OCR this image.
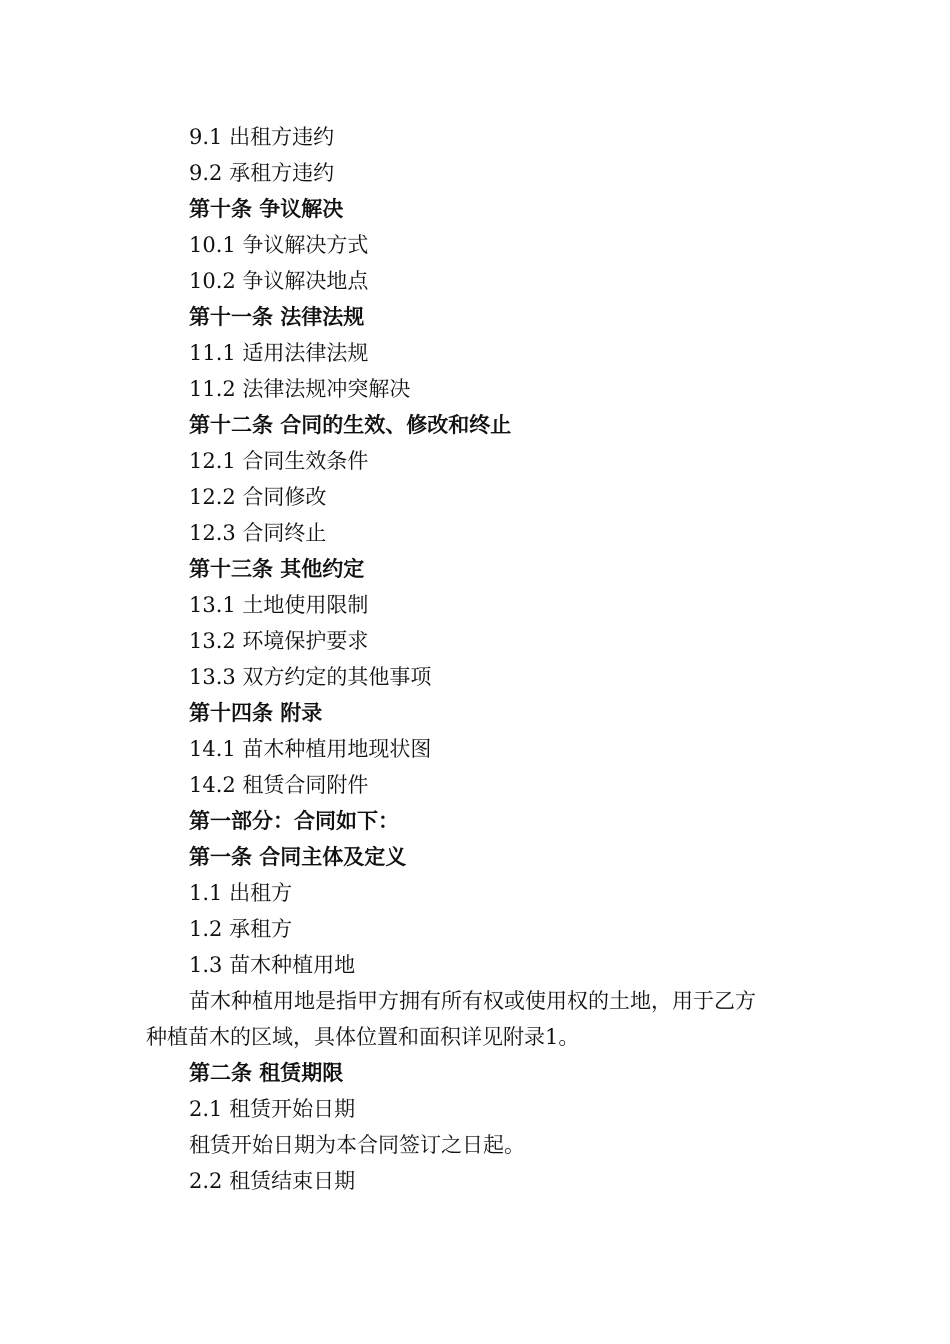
9.1 出租方违约
9.2 承租方违约
第十条 争议解决
10.1 争议解决方式
10.2 争议解决地点
第十一条 法律法规
11.1 适用法律法规
11.2 法律法规冲突解决
第十二条 合同的生效、修改和终止
12.1 合同生效条件
12.2 合同修改
12.3 合同终止
第十三条 其他约定
13.1 土地使用限制
13.2 环境保护要求
13.3 双方约定的其他事项
第十四条 附录
14.1 苗木种植用地现状图
14.2 租赁合同附件
第一部分：合同如下：
第一条 合同主体及定义
1.1 出租方
1.2 承租方
1.3 苗木种植用地
苗木种植用地是指甲方拥有所有权或使用权的土地，用于乙方
种植苗木的区域，具体位置和面积详见附录1。
第二条 租赁期限
2.1 租赁开始日期
租赁开始日期为本合同签订之日起。
2.2 租赁结束日期
